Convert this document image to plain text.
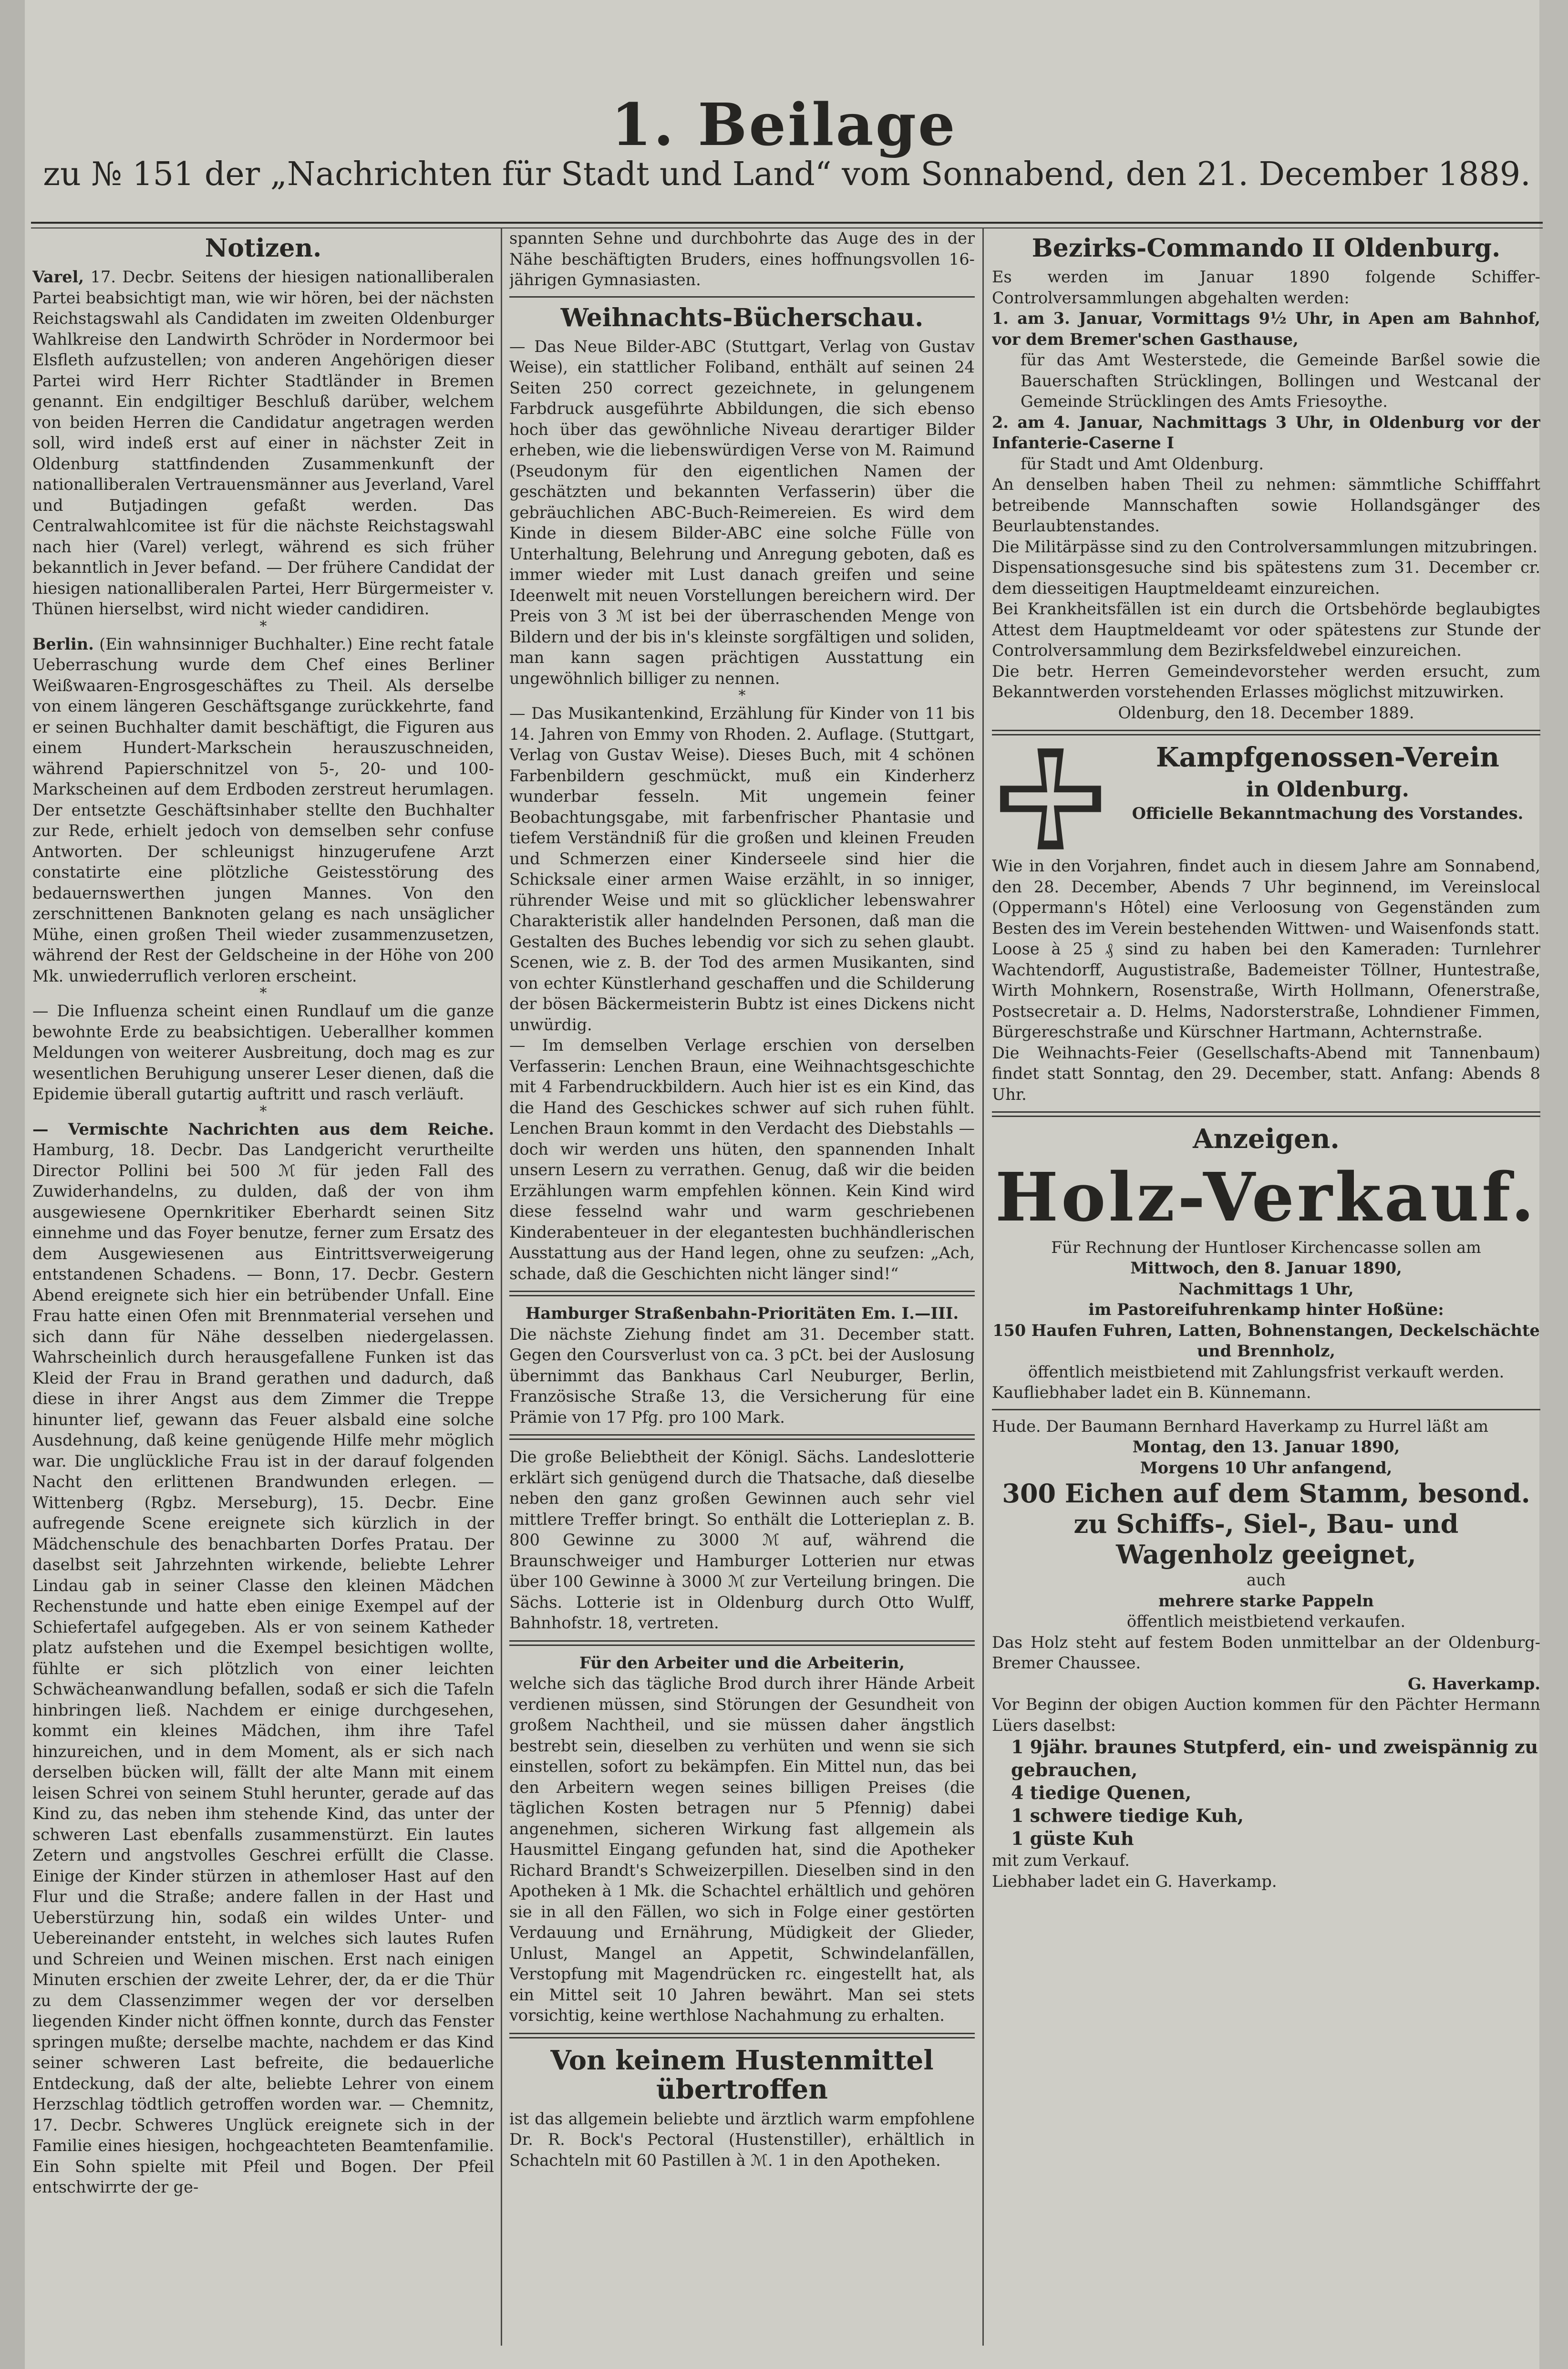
1. Beilage
zu № 151 der „Nachrichten für Stadt und Land“ vom Sonnabend, den 21. December 1889.
Notizen.

Varel, 17. Decbr. Seitens der hiesigen nationalliberalen Partei beabsichtigt man, wie wir hören, bei der nächsten Reichstagswahl als Candidaten im zweiten Oldenburger Wahlkreise den Landwirth Schröder in Nordermoor bei Elsfleth aufzustellen; von anderen Angehörigen dieser Partei wird Herr Richter Stadtländer in Bremen genannt. Ein endgiltiger Beschluß darüber, welchem von beiden Herren die Candidatur angetragen werden soll, wird indeß erst auf einer in nächster Zeit in Oldenburg stattfindenden Zusammenkunft der nationalliberalen Vertrauensmänner aus Jeverland, Varel und Butjadingen gefaßt werden. Das Centralwahlcomitee ist für die nächste Reichstagswahl nach hier (Varel) verlegt, während es sich früher bekanntlich in Jever befand. — Der frühere Candidat der hiesigen nationalliberalen Partei, Herr Bürgermeister v. Thünen hierselbst, wird nicht wieder candidiren.

*

Berlin. (Ein wahnsinniger Buchhalter.) Eine recht fatale Ueberraschung wurde dem Chef eines Berliner Weißwaaren-Engrosgeschäftes zu Theil. Als derselbe von einem längeren Geschäftsgange zurückkehrte, fand er seinen Buchhalter damit beschäftigt, die Figuren aus einem Hundert-Markschein herauszuschneiden, während Papierschnitzel von 5-, 20- und 100-Markscheinen auf dem Erdboden zerstreut herumlagen. Der entsetzte Geschäftsinhaber stellte den Buchhalter zur Rede, erhielt jedoch von demselben sehr confuse Antworten. Der schleunigst hinzugerufene Arzt constatirte eine plötzliche Geistesstörung des bedauernswerthen jungen Mannes. Von den zerschnittenen Banknoten gelang es nach unsäglicher Mühe, einen großen Theil wieder zusammenzusetzen, während der Rest der Geldscheine in der Höhe von 200 Mk. unwiederruflich verloren erscheint.

*

— Die Influenza scheint einen Rundlauf um die ganze bewohnte Erde zu beabsichtigen. Ueberallher kommen Meldungen von weiterer Ausbreitung, doch mag es zur wesentlichen Beruhigung unserer Leser dienen, daß die Epidemie überall gutartig auftritt und rasch verläuft.

*

— Vermischte Nachrichten aus dem Reiche. Hamburg, 18. Decbr. Das Landgericht verurtheilte Director Pollini bei 500 ℳ für jeden Fall des Zuwiderhandelns, zu dulden, daß der von ihm ausgewiesene Opernkritiker Eberhardt seinen Sitz einnehme und das Foyer benutze, ferner zum Ersatz des dem Ausgewiesenen aus Eintrittsverweigerung entstandenen Schadens. — Bonn, 17. Decbr. Gestern Abend ereignete sich hier ein betrübender Unfall. Eine Frau hatte einen Ofen mit Brennmaterial versehen und sich dann für Nähe desselben niedergelassen. Wahrscheinlich durch herausgefallene Funken ist das Kleid der Frau in Brand gerathen und dadurch, daß diese in ihrer Angst aus dem Zimmer die Treppe hinunter lief, gewann das Feuer alsbald eine solche Ausdehnung, daß keine genügende Hilfe mehr möglich war. Die unglückliche Frau ist in der darauf folgenden Nacht den erlittenen Brandwunden erlegen. — Wittenberg (Rgbz. Merseburg), 15. Decbr. Eine aufregende Scene ereignete sich kürzlich in der Mädchenschule des benachbarten Dorfes Pratau. Der daselbst seit Jahrzehnten wirkende, beliebte Lehrer Lindau gab in seiner Classe den kleinen Mädchen Rechenstunde und hatte eben einige Exempel auf der Schiefertafel aufgegeben. Als er von seinem Katheder platz aufstehen und die Exempel besichtigen wollte, fühlte er sich plötzlich von einer leichten Schwächeanwandlung befallen, sodaß er sich die Tafeln hinbringen ließ. Nachdem er einige durchgesehen, kommt ein kleines Mädchen, ihm ihre Tafel hinzureichen, und in dem Moment, als er sich nach derselben bücken will, fällt der alte Mann mit einem leisen Schrei von seinem Stuhl herunter, gerade auf das Kind zu, das neben ihm stehende Kind, das unter der schweren Last ebenfalls zusammenstürzt. Ein lautes Zetern und angstvolles Geschrei erfüllt die Classe. Einige der Kinder stürzen in athemloser Hast auf den Flur und die Straße; andere fallen in der Hast und Ueberstürzung hin, sodaß ein wildes Unter- und Uebereinander entsteht, in welches sich lautes Rufen und Schreien und Weinen mischen. Erst nach einigen Minuten erschien der zweite Lehrer, der, da er die Thür zu dem Classenzimmer wegen der vor derselben liegenden Kinder nicht öffnen konnte, durch das Fenster springen mußte; derselbe machte, nachdem er das Kind seiner schweren Last befreite, die bedauerliche Entdeckung, daß der alte, beliebte Lehrer von einem Herzschlag tödtlich getroffen worden war. — Chemnitz, 17. Decbr. Schweres Unglück ereignete sich in der Familie eines hiesigen, hochgeachteten Beamtenfamilie. Ein Sohn spielte mit Pfeil und Bogen. Der Pfeil entschwirrte der ge-

spannten Sehne und durchbohrte das Auge des in der Nähe beschäftigten Bruders, eines hoffnungsvollen 16-jährigen Gymnasiasten.

Weihnachts-Bücherschau.

— Das Neue Bilder-ABC (Stuttgart, Verlag von Gustav Weise), ein stattlicher Foliband, enthält auf seinen 24 Seiten 250 correct gezeichnete, in gelungenem Farbdruck ausgeführte Abbildungen, die sich ebenso hoch über das gewöhnliche Niveau derartiger Bilder erheben, wie die liebenswürdigen Verse von M. Raimund (Pseudonym für den eigentlichen Namen der geschätzten und bekannten Verfasserin) über die gebräuchlichen ABC-Buch-Reimereien. Es wird dem Kinde in diesem Bilder-ABC eine solche Fülle von Unterhaltung, Belehrung und Anregung geboten, daß es immer wieder mit Lust danach greifen und seine Ideenwelt mit neuen Vorstellungen bereichern wird. Der Preis von 3 ℳ ist bei der überraschenden Menge von Bildern und der bis in's kleinste sorgfältigen und soliden, man kann sagen prächtigen Ausstattung ein ungewöhnlich billiger zu nennen.

*

— Das Musikantenkind, Erzählung für Kinder von 11 bis 14. Jahren von Emmy von Rhoden. 2. Auflage. (Stuttgart, Verlag von Gustav Weise). Dieses Buch, mit 4 schönen Farbenbildern geschmückt, muß ein Kinderherz wunderbar fesseln. Mit ungemein feiner Beobachtungsgabe, mit farbenfrischer Phantasie und tiefem Verständniß für die großen und kleinen Freuden und Schmerzen einer Kinderseele sind hier die Schicksale einer armen Waise erzählt, in so inniger, rührender Weise und mit so glücklicher lebenswahrer Charakteristik aller handelnden Personen, daß man die Gestalten des Buches lebendig vor sich zu sehen glaubt. Scenen, wie z. B. der Tod des armen Musikanten, sind von echter Künstlerhand geschaffen und die Schilderung der bösen Bäckermeisterin Bubtz ist eines Dickens nicht unwürdig.

— Im demselben Verlage erschien von derselben Verfasserin: Lenchen Braun, eine Weihnachtsgeschichte mit 4 Farbendruckbildern. Auch hier ist es ein Kind, das die Hand des Geschickes schwer auf sich ruhen fühlt. Lenchen Braun kommt in den Verdacht des Diebstahls — doch wir werden uns hüten, den spannenden Inhalt unsern Lesern zu verrathen. Genug, daß wir die beiden Erzählungen warm empfehlen können. Kein Kind wird diese fesselnd wahr und warm geschriebenen Kinderabenteuer in der elegantesten buchhändlerischen Ausstattung aus der Hand legen, ohne zu seufzen: „Ach, schade, daß die Geschichten nicht länger sind!“

Hamburger Straßenbahn-Prioritäten Em. I.—III.

Die nächste Ziehung findet am 31. December statt. Gegen den Coursverlust von ca. 3 pCt. bei der Auslosung übernimmt das Bankhaus Carl Neuburger, Berlin, Französische Straße 13, die Versicherung für eine Prämie von 17 Pfg. pro 100 Mark.

Die große Beliebtheit der Königl. Sächs. Landeslotterie erklärt sich genügend durch die Thatsache, daß dieselbe neben den ganz großen Gewinnen auch sehr viel mittlere Treffer bringt. So enthält die Lotterieplan z. B. 800 Gewinne zu 3000 ℳ auf, während die Braunschweiger und Hamburger Lotterien nur etwas über 100 Gewinne à 3000 ℳ zur Verteilung bringen. Die Sächs. Lotterie ist in Oldenburg durch Otto Wulff, Bahnhofstr. 18, vertreten.

Für den Arbeiter und die Arbeiterin,

welche sich das tägliche Brod durch ihrer Hände Arbeit verdienen müssen, sind Störungen der Gesundheit von großem Nachtheil, und sie müssen daher ängstlich bestrebt sein, dieselben zu verhüten und wenn sie sich einstellen, sofort zu bekämpfen. Ein Mittel nun, das bei den Arbeitern wegen seines billigen Preises (die täglichen Kosten betragen nur 5 Pfennig) dabei angenehmen, sicheren Wirkung fast allgemein als Hausmittel Eingang gefunden hat, sind die Apotheker Richard Brandt's Schweizerpillen. Dieselben sind in den Apotheken à 1 Mk. die Schachtel erhältlich und gehören sie in all den Fällen, wo sich in Folge einer gestörten Verdauung und Ernährung, Müdigkeit der Glieder, Unlust, Mangel an Appetit, Schwindelanfällen, Verstopfung mit Magendrücken rc. eingestellt hat, als ein Mittel seit 10 Jahren bewährt. Man sei stets vorsichtig, keine werthlose Nachahmung zu erhalten.

Von keinem Hustenmittel übertroffen

ist das allgemein beliebte und ärztlich warm empfohlene Dr. R. Bock's Pectoral (Hustenstiller), erhältlich in Schachteln mit 60 Pastillen à ℳ. 1 in den Apotheken.

Bezirks-Commando II Oldenburg.

Es werden im Januar 1890 folgende Schiffer-Controlversammlungen abgehalten werden:

1. am 3. Januar, Vormittags 9½ Uhr, in Apen am Bahnhof, vor dem Bremer'schen Gasthause,

für das Amt Westerstede, die Gemeinde Barßel sowie die Bauerschaften Strücklingen, Bollingen und Westcanal der Gemeinde Strücklingen des Amts Friesoythe.

2. am 4. Januar, Nachmittags 3 Uhr, in Oldenburg vor der Infanterie-Caserne I

für Stadt und Amt Oldenburg.

An denselben haben Theil zu nehmen: sämmtliche Schifffahrt betreibende Mannschaften sowie Hollandsgänger des Beurlaubtenstandes.

Die Militärpässe sind zu den Controlversammlungen mitzubringen.

Dispensationsgesuche sind bis spätestens zum 31. December cr. dem diesseitigen Hauptmeldeamt einzureichen.

Bei Krankheitsfällen ist ein durch die Ortsbehörde beglaubigtes Attest dem Hauptmeldeamt vor oder spätestens zur Stunde der Controlversammlung dem Bezirksfeldwebel einzureichen.

Die betr. Herren Gemeindevorsteher werden ersucht, zum Bekanntwerden vorstehenden Erlasses möglichst mitzuwirken.

Oldenburg, den 18. December 1889.

Kampfgenossen-Verein

in Oldenburg.

Officielle Bekanntmachung des Vorstandes.

Wie in den Vorjahren, findet auch in diesem Jahre am Sonnabend, den 28. December, Abends 7 Uhr beginnend, im Vereinslocal (Oppermann's Hôtel) eine Verloosung von Gegenständen zum Besten des im Verein bestehenden Wittwen- und Waisenfonds statt.

Loose à 25 ₰ sind zu haben bei den Kameraden: Turnlehrer Wachtendorff, Augustistraße, Bademeister Töllner, Huntestraße, Wirth Mohnkern, Rosenstraße, Wirth Hollmann, Ofenerstraße, Postsecretair a. D. Helms, Nadorsterstraße, Lohndiener Fimmen, Bürgereschstraße und Kürschner Hartmann, Achternstraße.

Die Weihnachts-Feier (Gesellschafts-Abend mit Tannenbaum) findet statt Sonntag, den 29. December, statt. Anfang: Abends 8 Uhr.

Anzeigen.
Holz-Verkauf.

Für Rechnung der Huntloser Kirchencasse sollen am

Mittwoch, den 8. Januar 1890,

Nachmittags 1 Uhr,

im Pastoreifuhrenkamp hinter Hoßüne:

150 Haufen Fuhren, Latten, Bohnenstangen, Deckelschächte und Brennholz,

öffentlich meistbietend mit Zahlungsfrist verkauft werden.

Kaufliebhaber ladet ein B. Künnemann.

Hude. Der Baumann Bernhard Haverkamp zu Hurrel läßt am

Montag, den 13. Januar 1890,

Morgens 10 Uhr anfangend,

300 Eichen auf dem Stamm, besond. zu Schiffs-, Siel-, Bau- und Wagenholz geeignet,

auch

mehrere starke Pappeln

öffentlich meistbietend verkaufen.

Das Holz steht auf festem Boden unmittelbar an der Oldenburg-Bremer Chaussee.

G. Haverkamp.

Vor Beginn der obigen Auction kommen für den Pächter Hermann Lüers daselbst:

1 9jähr. braunes Stutpferd, ein- und zweispännig zu gebrauchen,

4 tiedige Quenen,

1 schwere tiedige Kuh,

1 güste Kuh

mit zum Verkauf.

Liebhaber ladet ein G. Haverkamp.
